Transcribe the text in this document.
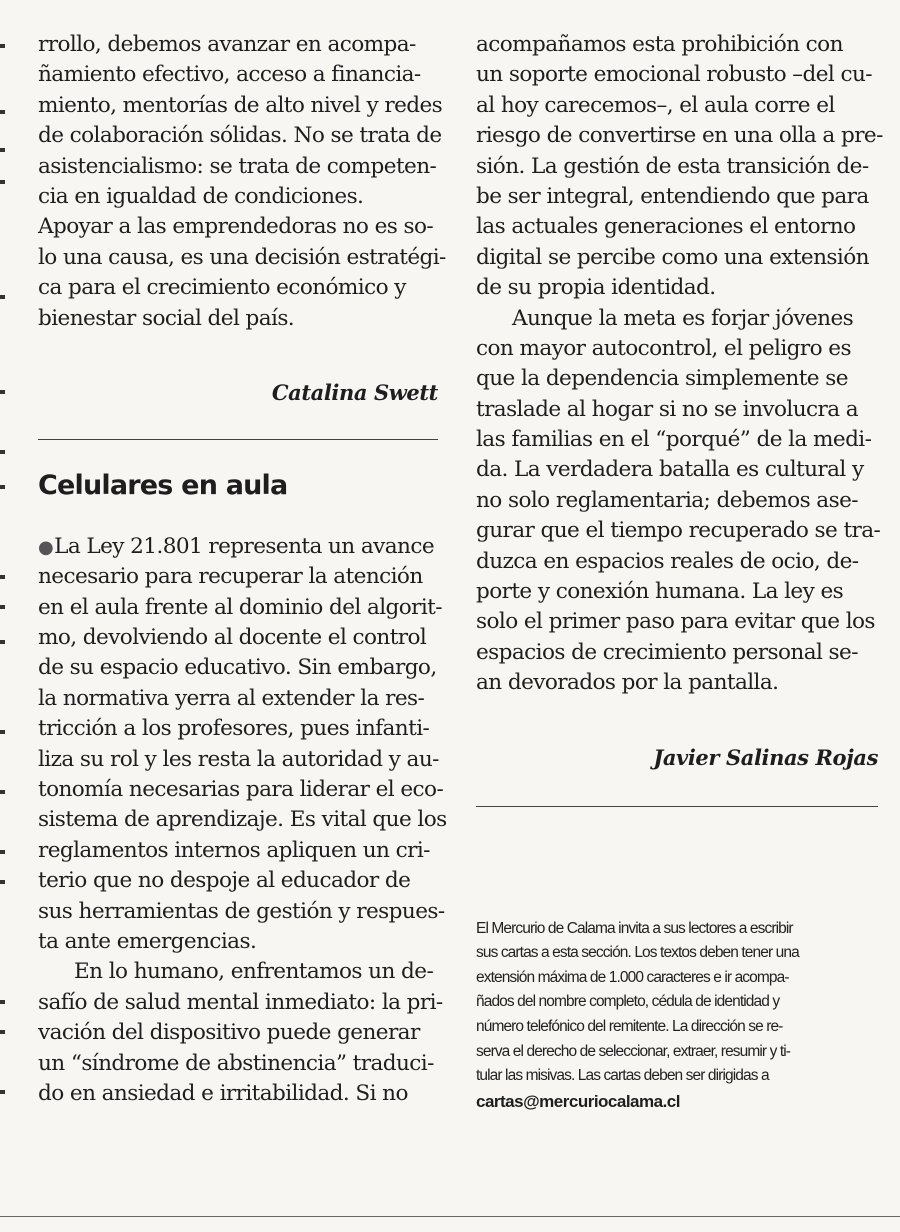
rrollo, debemos avanzar en acompa-
ñamiento efectivo, acceso a financia-
miento, mentorías de alto nivel y redes
de colaboración sólidas. No se trata de
asistencialismo: se trata de competen-
cia en igualdad de condiciones.
Apoyar a las emprendedoras no es so-
lo una causa, es una decisión estratégi-
ca para el crecimiento económico y
bienestar social del país.
Catalina Swett
Celulares en aula
●La Ley 21.801 representa un avance
necesario para recuperar la atención
en el aula frente al dominio del algorit-
mo, devolviendo al docente el control
de su espacio educativo. Sin embargo,
la normativa yerra al extender la res-
tricción a los profesores, pues infanti-
liza su rol y les resta la autoridad y au-
tonomía necesarias para liderar el eco-
sistema de aprendizaje. Es vital que los
reglamentos internos apliquen un cri-
terio que no despoje al educador de
sus herramientas de gestión y respues-
ta ante emergencias.
En lo humano, enfrentamos un de-
safío de salud mental inmediato: la pri-
vación del dispositivo puede generar
un “síndrome de abstinencia” traduci-
do en ansiedad e irritabilidad. Si no
acompañamos esta prohibición con
un soporte emocional robusto –del cu-
al hoy carecemos–, el aula corre el
riesgo de convertirse en una olla a pre-
sión. La gestión de esta transición de-
be ser integral, entendiendo que para
las actuales generaciones el entorno
digital se percibe como una extensión
de su propia identidad.
Aunque la meta es forjar jóvenes
con mayor autocontrol, el peligro es
que la dependencia simplemente se
traslade al hogar si no se involucra a
las familias en el “porqué” de la medi-
da. La verdadera batalla es cultural y
no solo reglamentaria; debemos ase-
gurar que el tiempo recuperado se tra-
duzca en espacios reales de ocio, de-
porte y conexión humana. La ley es
solo el primer paso para evitar que los
espacios de crecimiento personal se-
an devorados por la pantalla.
Javier Salinas Rojas
El Mercurio de Calama invita a sus lectores a escribir
sus cartas a esta sección. Los textos deben tener una
extensión máxima de 1.000 caracteres e ir acompa-
ñados del nombre completo, cédula de identidad y
número telefónico del remitente. La dirección se re-
serva el derecho de seleccionar, extraer, resumir y ti-
tular las misivas. Las cartas deben ser dirigidas a
cartas@mercuriocalama.cl
